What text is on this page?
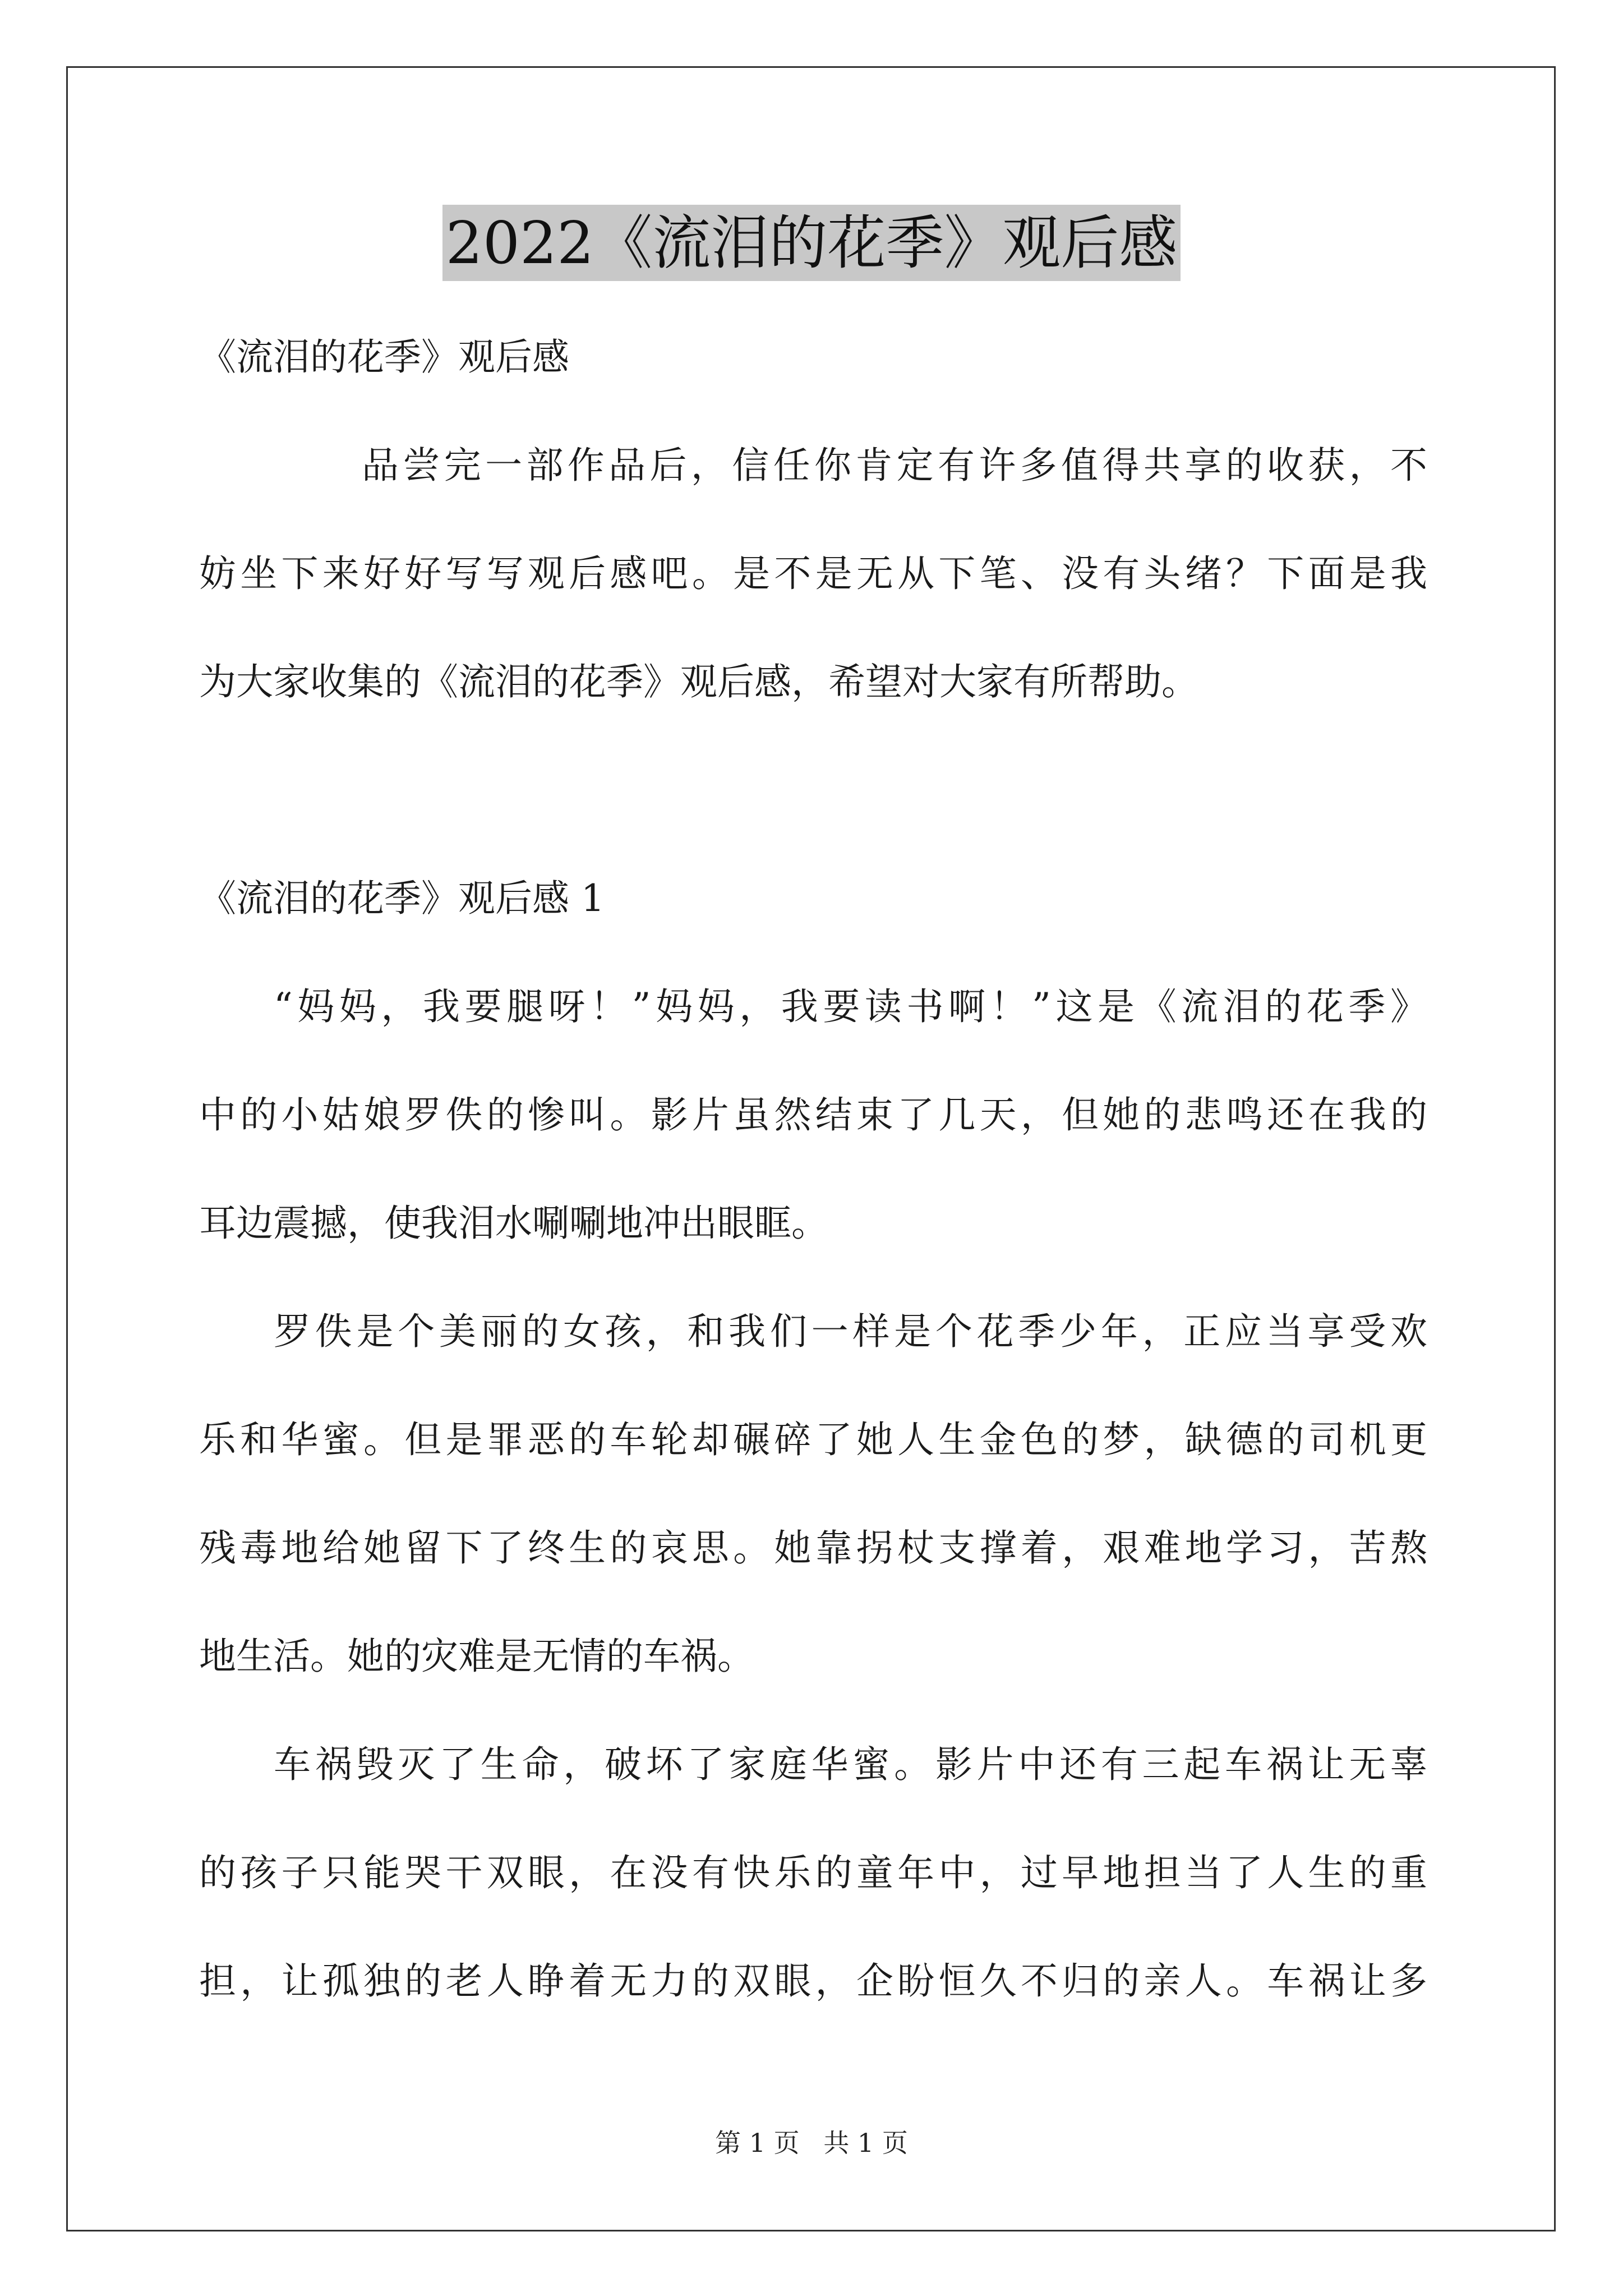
2022《流泪的花季》观后感
《流泪的花季》观后感
品尝完一部作品后，信任你肯定有许多值得共享的收获，不
妨坐下来好好写写观后感吧。是不是无从下笔、没有头绪？下面是我
为大家收集的《流泪的花季》观后感，希望对大家有所帮助。
《流泪的花季》观后感 1
“妈妈，我要腿呀！”妈妈，我要读书啊！”这是《流泪的花季》
中的小姑娘罗佚的惨叫。影片虽然结束了几天，但她的悲鸣还在我的
耳边震撼，使我泪水唰唰地冲出眼眶。
罗佚是个美丽的女孩，和我们一样是个花季少年，正应当享受欢
乐和华蜜。但是罪恶的车轮却碾碎了她人生金色的梦，缺德的司机更
残毒地给她留下了终生的哀思。她靠拐杖支撑着，艰难地学习，苦熬
地生活。她的灾难是无情的车祸。
车祸毁灭了生命，破坏了家庭华蜜。影片中还有三起车祸让无辜
的孩子只能哭干双眼，在没有快乐的童年中，过早地担当了人生的重
担，让孤独的老人睁着无力的双眼，企盼恒久不归的亲人。车祸让多
第 1 页 共 1 页
